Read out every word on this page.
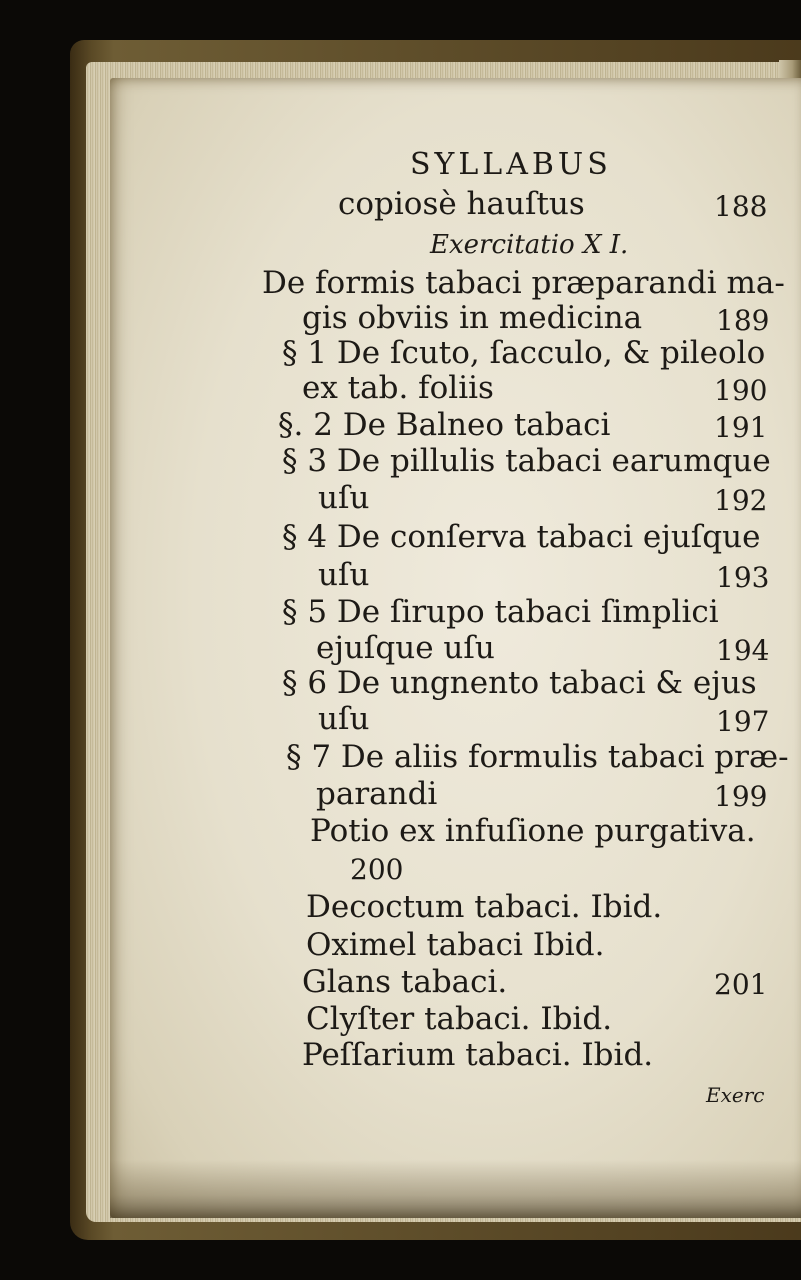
SYLLABUS
copiosè hauſtus	188
Exercitatio X I.
De formis tabaci præparandi ma-
gis obviis in medicina	189
§ 1 De ſcuto, ſacculo, & pileolo
ex tab. foliis	190
§. 2 De Balneo tabaci	191
§ 3 De pillulis tabaci earumque
uſu	192
§ 4 De conſerva tabaci ejuſque
uſu	193
§ 5 De ſirupo tabaci ſimplici
ejuſque uſu	194
§ 6 De ungnento tabaci & ejus
uſu	197
§ 7 De aliis formulis tabaci præ-
parandi	199
Potio ex infuſione purgativa.
200
Decoctum tabaci. Ibid.
Oximel tabaci Ibid.
Glans tabaci.	201
Clyſter tabaci. Ibid.
Peſſarium tabaci. Ibid.
Exerc
